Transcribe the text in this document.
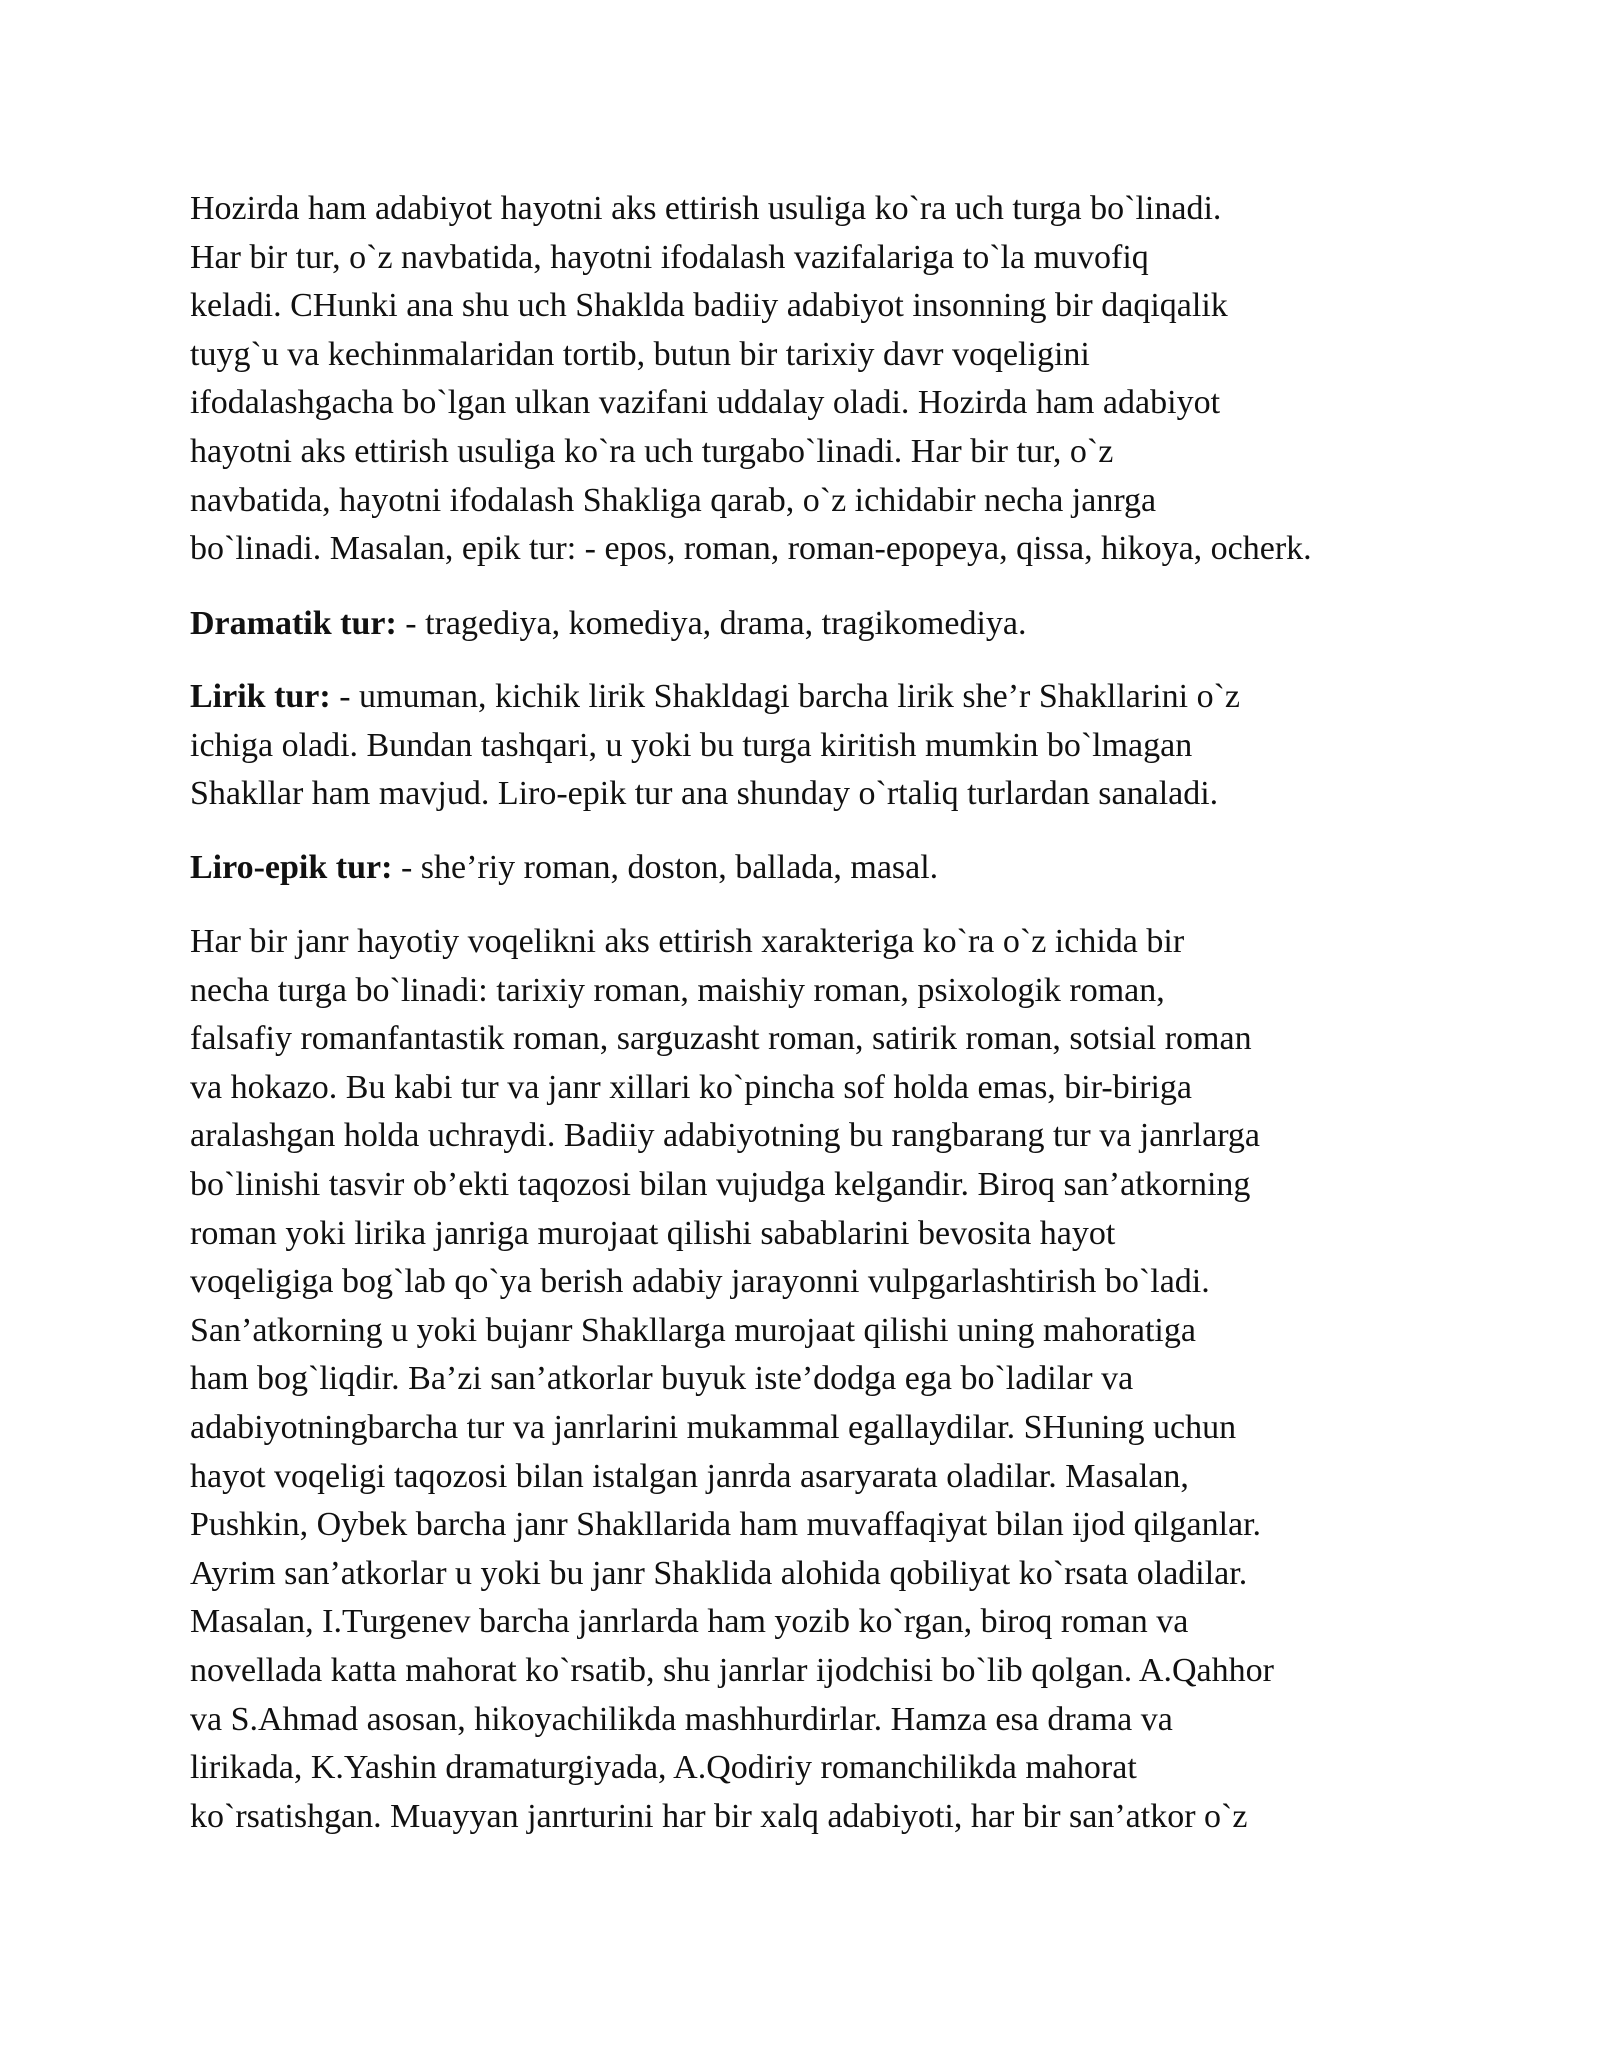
Hozirda ham adabiyot hayotni aks ettirish usuliga ko`ra uch turga bo`linadi.
Har bir tur, o`z navbatida, hayotni ifodalash vazifalariga to`la muvofiq
keladi. CHunki ana shu uch Shaklda badiiy adabiyot insonning bir daqiqalik
tuyg`u va kechinmalaridan tortib, butun bir tarixiy davr voqeligini
ifodalashgacha bo`lgan ulkan vazifani uddalay oladi. Hozirda ham adabiyot
hayotni aks ettirish usuliga ko`ra uch turgabo`linadi. Har bir tur, o`z
navbatida, hayotni ifodalash Shakliga qarab, o`z ichidabir necha janrga
bo`linadi. Masalan, epik tur: - epos, roman, roman-epopeya, qissa, hikoya, ocherk.
Dramatik tur: - tragediya, komediya, drama, tragikomediya.
Lirik tur: - umuman, kichik lirik Shakldagi barcha lirik she’r Shakllarini o`z
ichiga oladi. Bundan tashqari, u yoki bu turga kiritish mumkin bo`lmagan
Shakllar ham mavjud. Liro-epik tur ana shunday o`rtaliq turlardan sanaladi.
Liro-epik tur: - she’riy roman, doston, ballada, masal.
Har bir janr hayotiy voqelikni aks ettirish xarakteriga ko`ra o`z ichida bir
necha turga bo`linadi: tarixiy roman, maishiy roman, psixologik roman,
falsafiy romanfantastik roman, sarguzasht roman, satirik roman, sotsial roman
va hokazo. Bu kabi tur va janr xillari ko`pincha sof holda emas, bir-biriga
aralashgan holda uchraydi. Badiiy adabiyotning bu rangbarang tur va janrlarga
bo`linishi tasvir ob’ekti taqozosi bilan vujudga kelgandir. Biroq san’atkorning
roman yoki lirika janriga murojaat qilishi sabablarini bevosita hayot
voqeligiga bog`lab qo`ya berish adabiy jarayonni vulpgarlashtirish bo`ladi.
San’atkorning u yoki bujanr Shakllarga murojaat qilishi uning mahoratiga
ham bog`liqdir. Ba’zi san’atkorlar buyuk iste’dodga ega bo`ladilar va
adabiyotningbarcha tur va janrlarini mukammal egallaydilar. SHuning uchun
hayot voqeligi taqozosi bilan istalgan janrda asaryarata oladilar. Masalan,
Pushkin, Oybek barcha janr Shakllarida ham muvaffaqiyat bilan ijod qilganlar.
Ayrim san’atkorlar u yoki bu janr Shaklida alohida qobiliyat ko`rsata oladilar.
Masalan, I.Turgenev barcha janrlarda ham yozib ko`rgan, biroq roman va
novellada katta mahorat ko`rsatib, shu janrlar ijodchisi bo`lib qolgan. A.Qahhor
va S.Ahmad asosan, hikoyachilikda mashhurdirlar. Hamza esa drama va
lirikada, K.Yashin dramaturgiyada, A.Qodiriy romanchilikda mahorat
ko`rsatishgan. Muayyan janrturini har bir xalq adabiyoti, har bir san’atkor o`z
